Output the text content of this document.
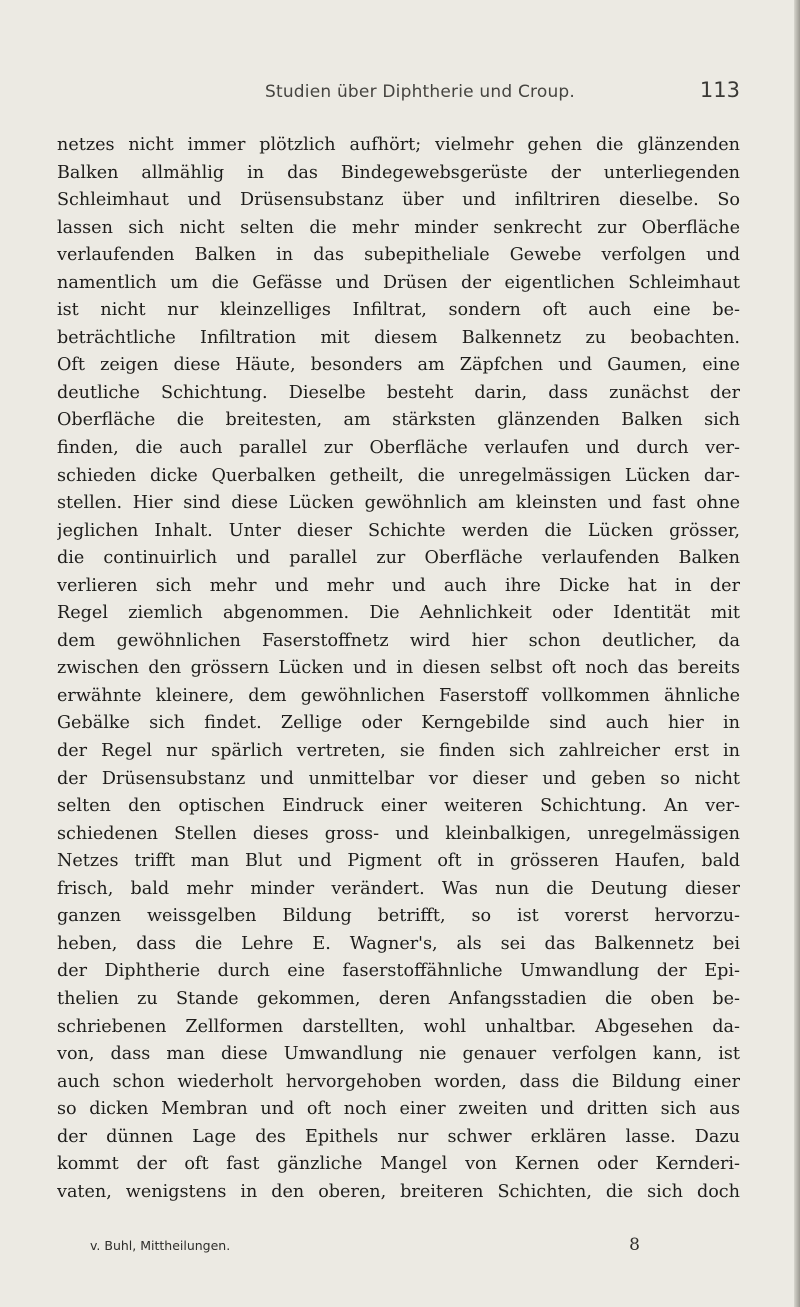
Studien über Diphtherie und Croup.	113
netzes nicht immer plötzlich aufhört; vielmehr gehen die glänzenden
Balken allmählig in das Bindegewebsgerüste der unterliegenden
Schleimhaut und Drüsensubstanz über und infiltriren dieselbe. So
lassen sich nicht selten die mehr minder senkrecht zur Oberfläche
verlaufenden Balken in das subepitheliale Gewebe verfolgen und
namentlich um die Gefässe und Drüsen der eigentlichen Schleimhaut
ist nicht nur kleinzelliges Infiltrat, sondern oft auch eine be-
beträchtliche Infiltration mit diesem Balkennetz zu beobachten.
Oft zeigen diese Häute, besonders am Zäpfchen und Gaumen, eine
deutliche Schichtung. Dieselbe besteht darin, dass zunächst der
Oberfläche die breitesten, am stärksten glänzenden Balken sich
finden, die auch parallel zur Oberfläche verlaufen und durch ver-
schieden dicke Querbalken getheilt, die unregelmässigen Lücken dar-
stellen. Hier sind diese Lücken gewöhnlich am kleinsten und fast ohne
jeglichen Inhalt. Unter dieser Schichte werden die Lücken grösser,
die continuirlich und parallel zur Oberfläche verlaufenden Balken
verlieren sich mehr und mehr und auch ihre Dicke hat in der
Regel ziemlich abgenommen. Die Aehnlichkeit oder Identität mit
dem gewöhnlichen Faserstoffnetz wird hier schon deutlicher, da
zwischen den grössern Lücken und in diesen selbst oft noch das bereits
erwähnte kleinere, dem gewöhnlichen Faserstoff vollkommen ähnliche
Gebälke sich findet. Zellige oder Kerngebilde sind auch hier in
der Regel nur spärlich vertreten, sie finden sich zahlreicher erst in
der Drüsensubstanz und unmittelbar vor dieser und geben so nicht
selten den optischen Eindruck einer weiteren Schichtung. An ver-
schiedenen Stellen dieses gross- und kleinbalkigen, unregelmässigen
Netzes trifft man Blut und Pigment oft in grösseren Haufen, bald
frisch, bald mehr minder verändert. Was nun die Deutung dieser
ganzen weissgelben Bildung betrifft, so ist vorerst hervorzu-
heben, dass die Lehre E. Wagner's, als sei das Balkennetz bei
der Diphtherie durch eine faserstoffähnliche Umwandlung der Epi-
thelien zu Stande gekommen, deren Anfangsstadien die oben be-
schriebenen Zellformen darstellten, wohl unhaltbar. Abgesehen da-
von, dass man diese Umwandlung nie genauer verfolgen kann, ist
auch schon wiederholt hervorgehoben worden, dass die Bildung einer
so dicken Membran und oft noch einer zweiten und dritten sich aus
der dünnen Lage des Epithels nur schwer erklären lasse. Dazu
kommt der oft fast gänzliche Mangel von Kernen oder Kernderi-
vaten, wenigstens in den oberen, breiteren Schichten, die sich doch
v. Buhl, Mittheilungen.	8
